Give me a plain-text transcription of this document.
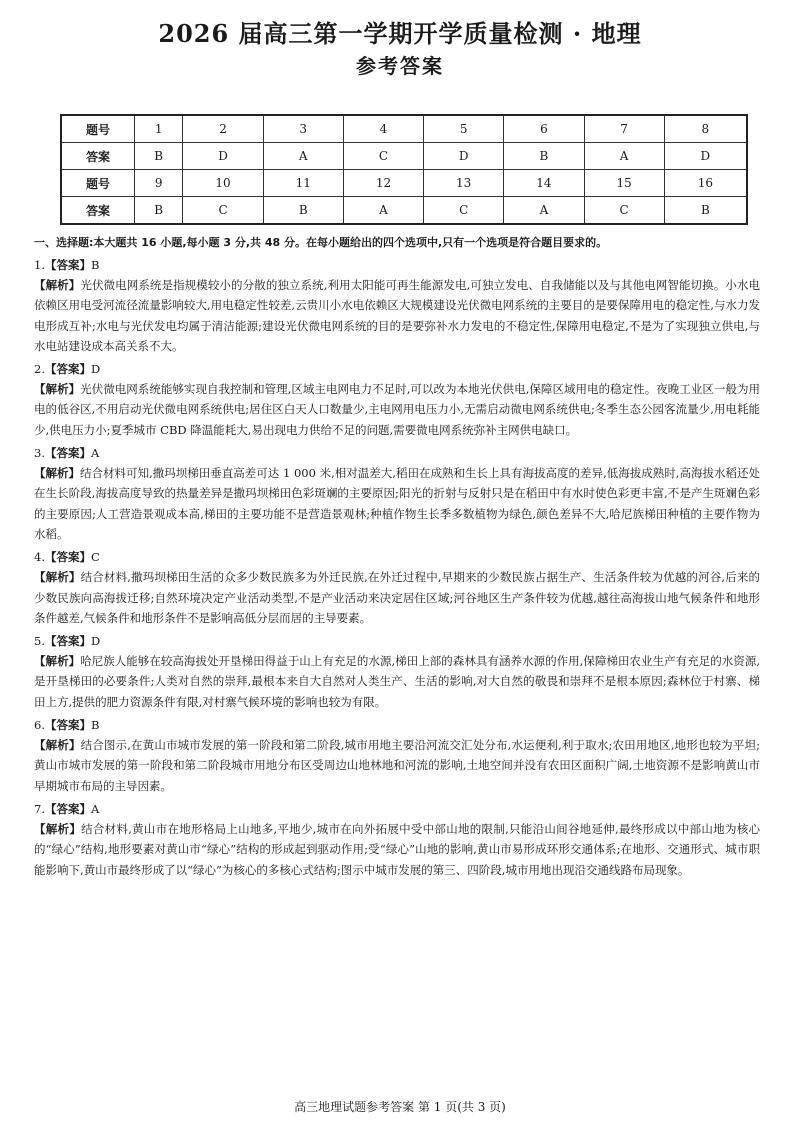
2026 届高三第一学期开学质量检测 · 地理
参考答案
题号	1	2	3	4	5	6	7	8
答案	B	D	A	C	D	B	A	D
题号	9	10	11	12	13	14	15	16
答案	B	C	B	A	C	A	C	B
一、选择题:本大题共 16 小题,每小题 3 分,共 48 分。在每小题给出的四个选项中,只有一个选项是符合题目要求的。
1.【答案】B
【解析】光伏微电网系统是指规模较小的分散的独立系统,利用太阳能可再生能源发电,可独立发电、自我储能以及与其他电网智能切换。小水电依赖区用电受河流径流量影响较大,用电稳定性较差,云贵川小水电依赖区大规模建设光伏微电网系统的主要目的是要保障用电的稳定性,与水力发电形成互补;水电与光伏发电均属于清洁能源;建设光伏微电网系统的目的是要弥补水力发电的不稳定性,保障用电稳定,不是为了实现独立供电,与水电站建设成本高关系不大。
2.【答案】D
【解析】光伏微电网系统能够实现自我控制和管理,区域主电网电力不足时,可以改为本地光伏供电,保障区域用电的稳定性。夜晚工业区一般为用电的低谷区,不用启动光伏微电网系统供电;居住区白天人口数量少,主电网用电压力小,无需启动微电网系统供电;冬季生态公园客流量少,用电耗能少,供电压力小;夏季城市 CBD 降温能耗大,易出现电力供给不足的问题,需要微电网系统弥补主网供电缺口。
3.【答案】A
【解析】结合材料可知,撒玛坝梯田垂直高差可达 1 000 米,相对温差大,稻田在成熟和生长上具有海拔高度的差异,低海拔成熟时,高海拔水稻还处在生长阶段,海拔高度导致的热量差异是撒玛坝梯田色彩斑斓的主要原因;阳光的折射与反射只是在稻田中有水时使色彩更丰富,不是产生斑斓色彩的主要原因;人工营造景观成本高,梯田的主要功能不是营造景观林;种植作物生长季多数植物为绿色,颜色差异不大,哈尼族梯田种植的主要作物为水稻。
4.【答案】C
【解析】结合材料,撒玛坝梯田生活的众多少数民族多为外迁民族,在外迁过程中,早期来的少数民族占据生产、生活条件较为优越的河谷,后来的少数民族向高海拔迁移;自然环境决定产业活动类型,不是产业活动来决定居住区域;河谷地区生产条件较为优越,越往高海拔山地气候条件和地形条件越差,气候条件和地形条件不是影响高低分层而居的主导要素。
5.【答案】D
【解析】哈尼族人能够在较高海拔处开垦梯田得益于山上有充足的水源,梯田上部的森林具有涵养水源的作用,保障梯田农业生产有充足的水资源,是开垦梯田的必要条件;人类对自然的崇拜,最根本来自大自然对人类生产、生活的影响,对大自然的敬畏和崇拜不是根本原因;森林位于村寨、梯田上方,提供的肥力资源条件有限,对村寨气候环境的影响也较为有限。
6.【答案】B
【解析】结合图示,在黄山市城市发展的第一阶段和第二阶段,城市用地主要沿河流交汇处分布,水运便利,利于取水;农田用地区,地形也较为平坦;黄山市城市发展的第一阶段和第二阶段城市用地分布区受周边山地林地和河流的影响,土地空间并没有农田区面积广阔,土地资源不是影响黄山市早期城市布局的主导因素。
7.【答案】A
【解析】结合材料,黄山市在地形格局上山地多,平地少,城市在向外拓展中受中部山地的限制,只能沿山间谷地延伸,最终形成以中部山地为核心的“绿心”结构,地形要素对黄山市“绿心”结构的形成起到驱动作用;受“绿心”山地的影响,黄山市易形成环形交通体系;在地形、交通形式、城市职能影响下,黄山市最终形成了以“绿心”为核心的多核心式结构;图示中城市发展的第三、四阶段,城市用地出现沿交通线路布局现象。
高三地理试题参考答案 第 1 页(共 3 页)
